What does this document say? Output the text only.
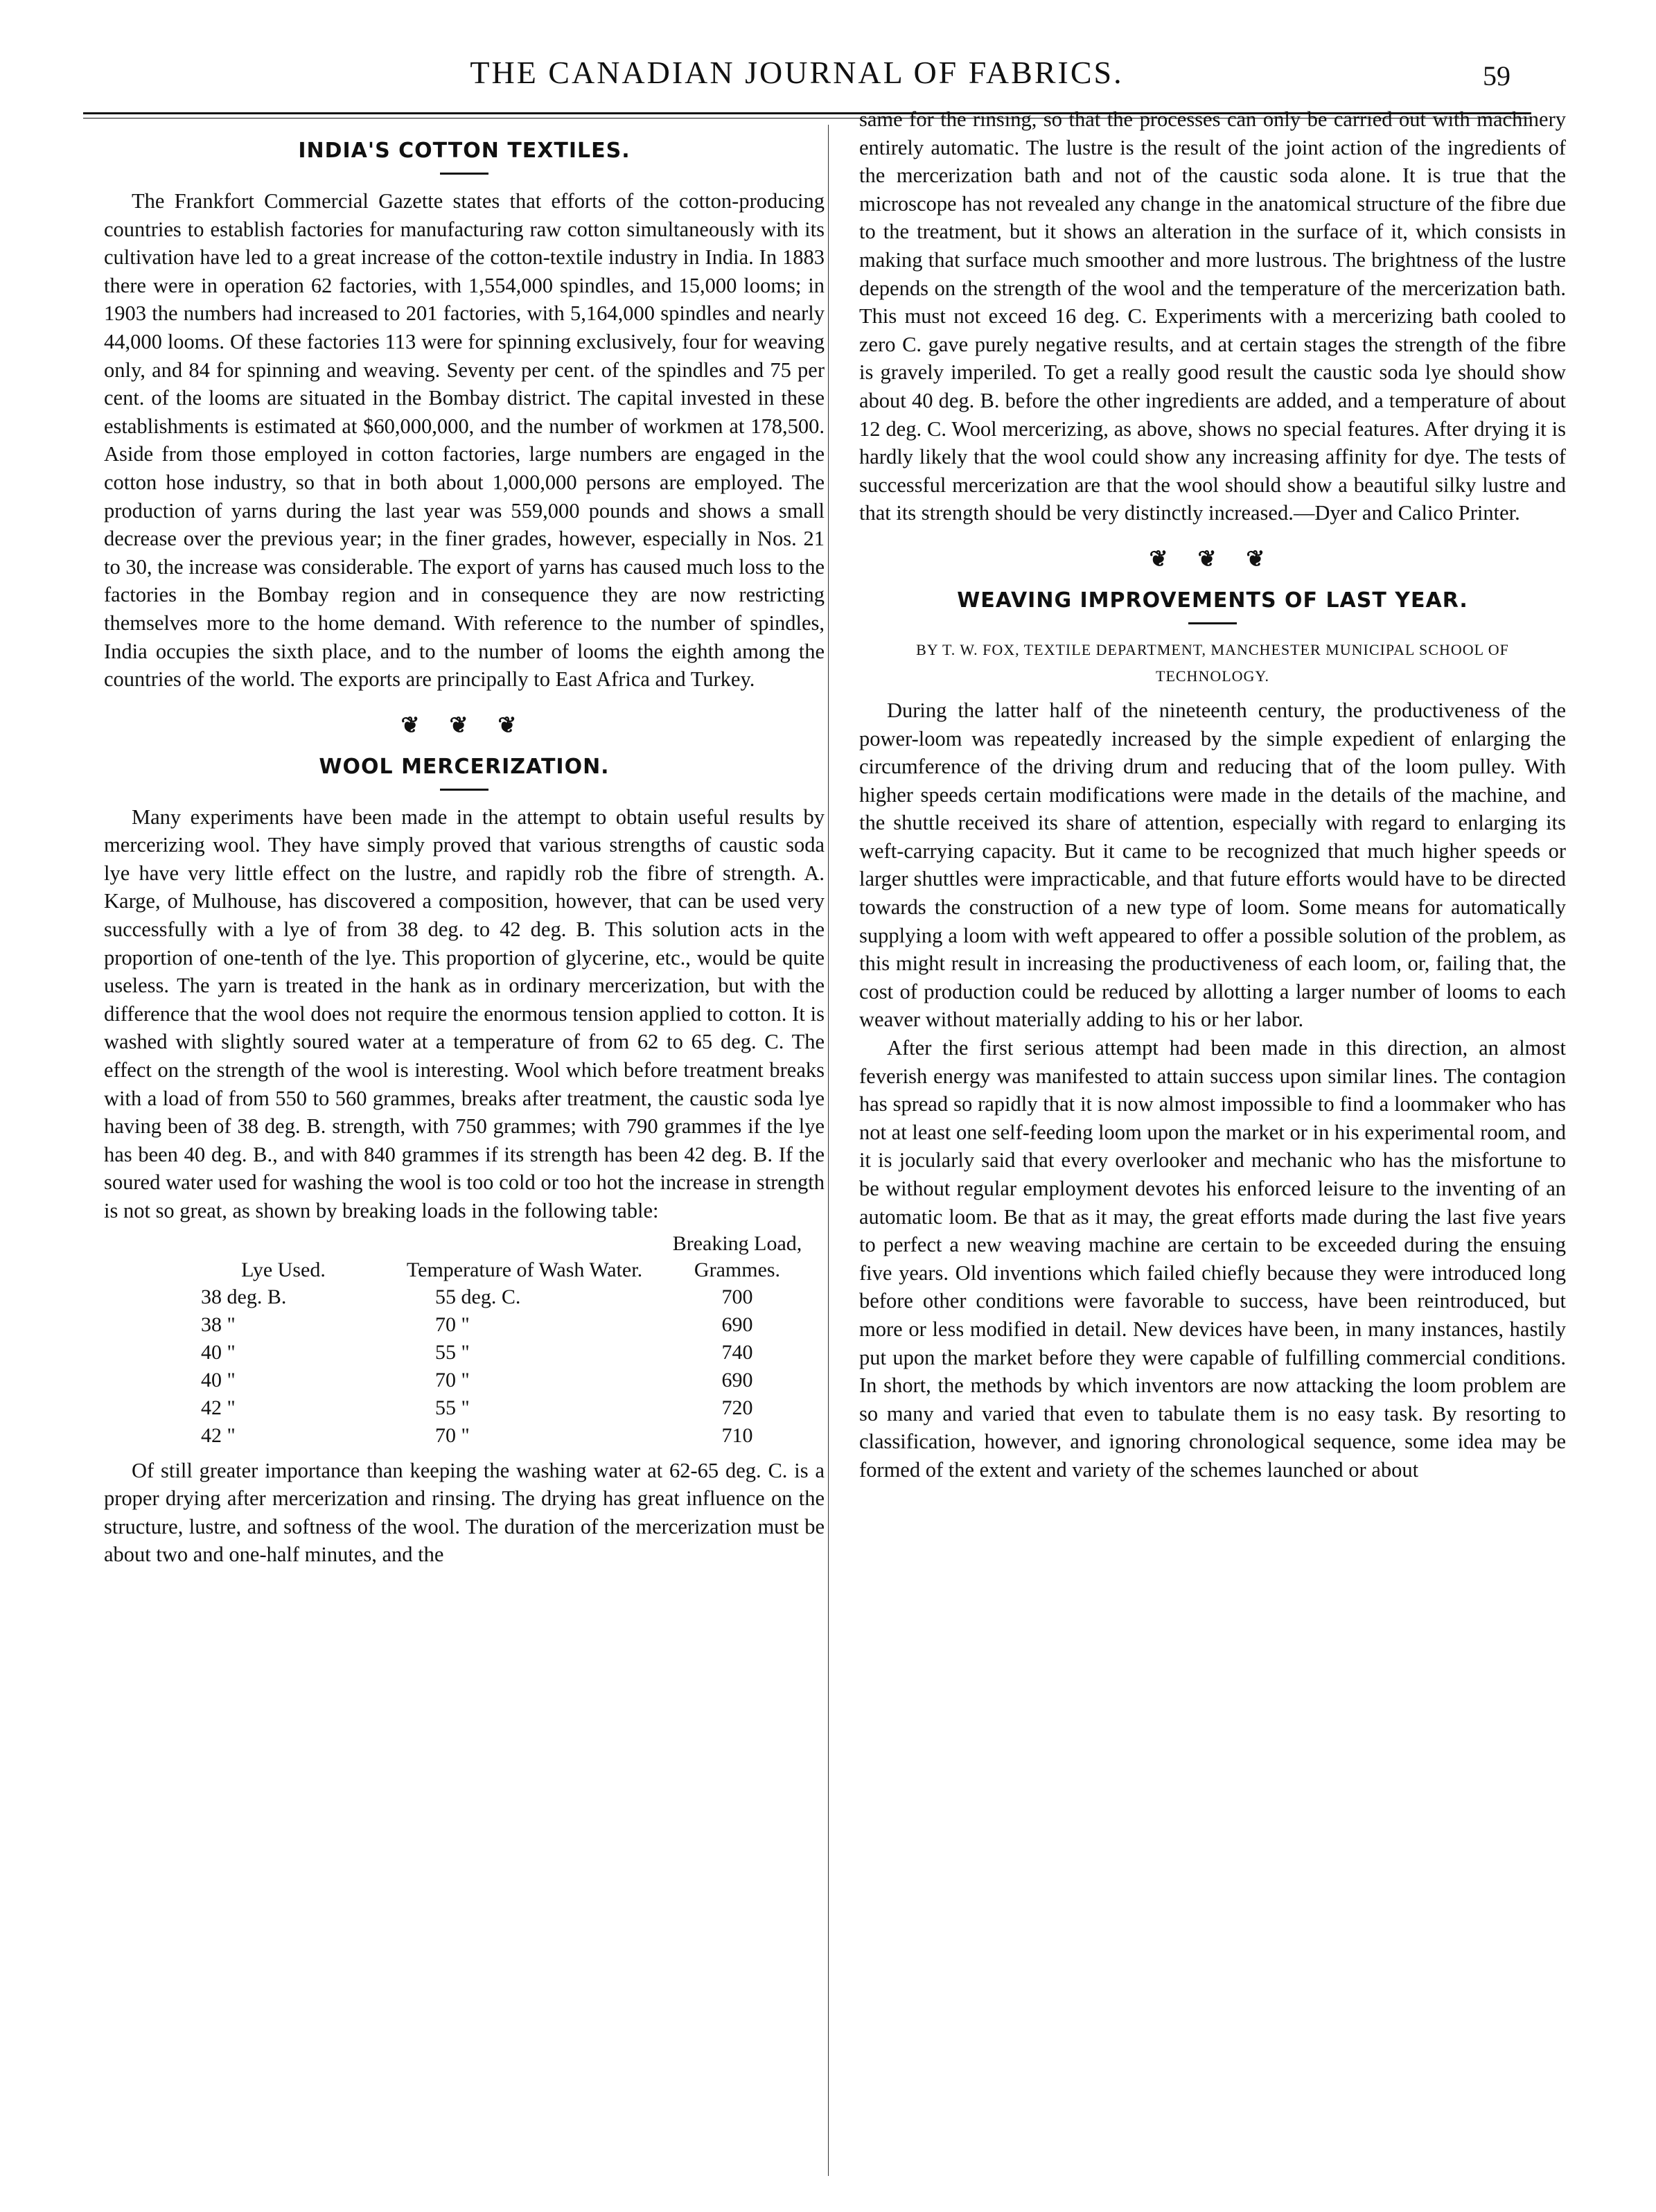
THE CANADIAN JOURNAL OF FABRICS.	59
INDIA'S COTTON TEXTILES.

The Frankfort Commercial Gazette states that efforts of the cotton-producing countries to establish factories for manufacturing raw cotton simultaneously with its cultivation have led to a great increase of the cotton-textile industry in India. In 1883 there were in operation 62 factories, with 1,554,000 spindles, and 15,000 looms; in 1903 the numbers had increased to 201 factories, with 5,164,000 spindles and nearly 44,000 looms. Of these factories 113 were for spinning exclusively, four for weaving only, and 84 for spinning and weaving. Seventy per cent. of the spindles and 75 per cent. of the looms are situated in the Bombay district. The capital invested in these establishments is estimated at $60,000,000, and the number of workmen at 178,500. Aside from those employed in cotton factories, large numbers are engaged in the cotton hose industry, so that in both about 1,000,000 persons are employed. The production of yarns during the last year was 559,000 pounds and shows a small decrease over the previous year; in the finer grades, however, especially in Nos. 21 to 30, the increase was considerable. The export of yarns has caused much loss to the factories in the Bombay region and in consequence they are now restricting themselves more to the home demand. With reference to the number of spindles, India occupies the sixth place, and to the number of looms the eighth among the countries of the world. The exports are principally to East Africa and Turkey.

❦ ❦ ❦
WOOL MERCERIZATION.

Many experiments have been made in the attempt to obtain useful results by mercerizing wool. They have simply proved that various strengths of caustic soda lye have very little effect on the lustre, and rapidly rob the fibre of strength. A. Karge, of Mulhouse, has discovered a composition, however, that can be used very successfully with a lye of from 38 deg. to 42 deg. B. This solution acts in the proportion of one-tenth of the lye. This proportion of glycerine, etc., would be quite useless. The yarn is treated in the hank as in ordinary mercerization, but with the difference that the wool does not require the enormous tension applied to cotton. It is washed with slightly soured water at a temperature of from 62 to 65 deg. C. The effect on the strength of the wool is interesting. Wool which before treatment breaks with a load of from 550 to 560 grammes, breaks after treatment, the caustic soda lye having been of 38 deg. B. strength, with 750 grammes; with 790 grammes if the lye has been 40 deg. B., and with 840 grammes if its strength has been 42 deg. B. If the soured water used for washing the wool is too cold or too hot the increase in strength is not so great, as shown by breaking loads in the following table:

Lye Used.	Temperature of Wash Water.	Breaking Load, Grammes.
38 deg. B.	55 deg. C.	700
38 "	70 "	690
40 "	55 "	740
40 "	70 "	690
42 "	55 "	720
42 "	70 "	710

Of still greater importance than keeping the washing water at 62-65 deg. C. is a proper drying after mercerization and rinsing. The drying has great influence on the structure, lustre, and softness of the wool. The duration of the mercerization must be about two and one-half minutes, and the

same for the rinsing, so that the processes can only be carried out with machinery entirely automatic. The lustre is the result of the joint action of the ingredients of the mercerization bath and not of the caustic soda alone. It is true that the microscope has not revealed any change in the anatomical structure of the fibre due to the treatment, but it shows an alteration in the surface of it, which consists in making that surface much smoother and more lustrous. The brightness of the lustre depends on the strength of the wool and the temperature of the mercerization bath. This must not exceed 16 deg. C. Experiments with a mercerizing bath cooled to zero C. gave purely negative results, and at certain stages the strength of the fibre is gravely imperiled. To get a really good result the caustic soda lye should show about 40 deg. B. before the other ingredients are added, and a temperature of about 12 deg. C. Wool mercerizing, as above, shows no special features. After drying it is hardly likely that the wool could show any increasing affinity for dye. The tests of successful mercerization are that the wool should show a beautiful silky lustre and that its strength should be very distinctly increased.—Dyer and Calico Printer.

❦ ❦ ❦
WEAVING IMPROVEMENTS OF LAST YEAR.
BY T. W. FOX, TEXTILE DEPARTMENT, MANCHESTER MUNICIPAL SCHOOL OF TECHNOLOGY.

During the latter half of the nineteenth century, the productiveness of the power-loom was repeatedly increased by the simple expedient of enlarging the circumference of the driving drum and reducing that of the loom pulley. With higher speeds certain modifications were made in the details of the machine, and the shuttle received its share of attention, especially with regard to enlarging its weft-carrying capacity. But it came to be recognized that much higher speeds or larger shuttles were impracticable, and that future efforts would have to be directed towards the construction of a new type of loom. Some means for automatically supplying a loom with weft appeared to offer a possible solution of the problem, as this might result in increasing the productiveness of each loom, or, failing that, the cost of production could be reduced by allotting a larger number of looms to each weaver without materially adding to his or her labor.

After the first serious attempt had been made in this direction, an almost feverish energy was manifested to attain success upon similar lines. The contagion has spread so rapidly that it is now almost impossible to find a loommaker who has not at least one self-feeding loom upon the market or in his experimental room, and it is jocularly said that every overlooker and mechanic who has the misfortune to be without regular employment devotes his enforced leisure to the inventing of an automatic loom. Be that as it may, the great efforts made during the last five years to perfect a new weaving machine are certain to be exceeded during the ensuing five years. Old inventions which failed chiefly because they were introduced long before other conditions were favorable to success, have been reintroduced, but more or less modified in detail. New devices have been, in many instances, hastily put upon the market before they were capable of fulfilling commercial conditions. In short, the methods by which inventors are now attacking the loom problem are so many and varied that even to tabulate them is no easy task. By resorting to classification, however, and ignoring chronological sequence, some idea may be formed of the extent and variety of the schemes launched or about
